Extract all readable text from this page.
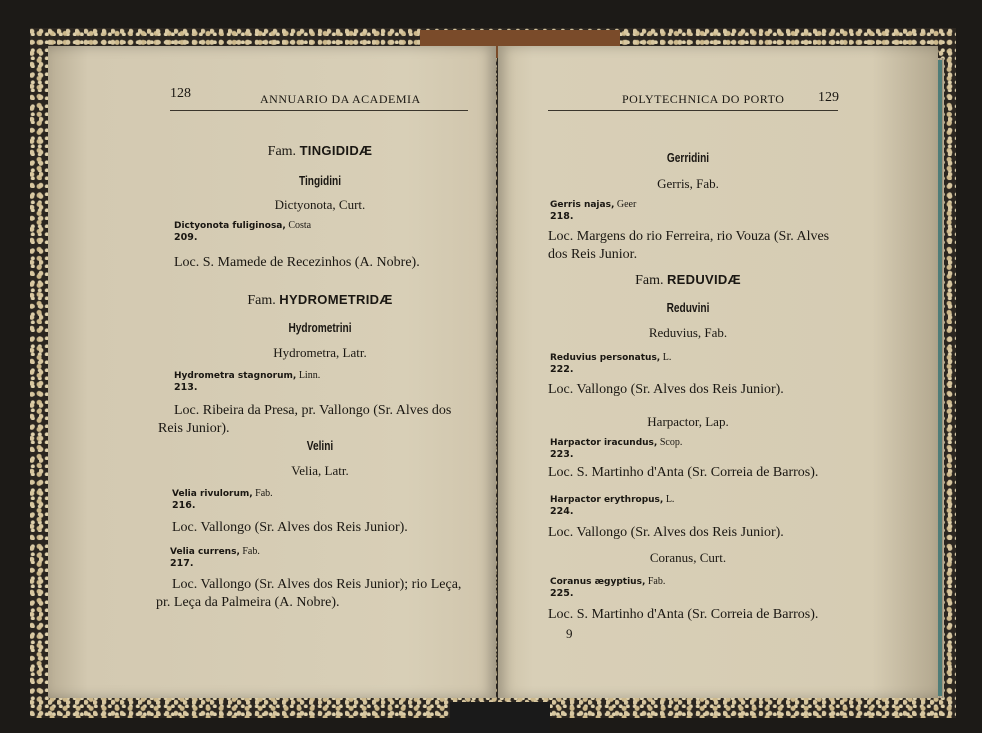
128	ANNUARIO DA ACADEMIA
Fam. TINGIDIDÆ
Tingidini
Dictyonota, Curt.
Dictyonota fuliginosa, Costa
209.
Loc. S. Mamede de Recezinhos (A. Nobre).
Fam. HYDROMETRIDÆ
Hydrometrini
Hydrometra, Latr.
Hydrometra stagnorum, Linn.
213.
Loc. Ribeira da Presa, pr. Vallongo (Sr. Alves dos Reis Junior).
Velini
Velia, Latr.
Velia rivulorum, Fab.
216.
Loc. Vallongo (Sr. Alves dos Reis Junior).
Velia currens, Fab.
217.
Loc. Vallongo (Sr. Alves dos Reis Junior); rio Leça, pr. Leça da Palmeira (A. Nobre).
POLYTECHNICA DO PORTO 129
Gerridini
Gerris, Fab.
Gerris najas, Geer
218.
Loc. Margens do rio Ferreira, rio Vouza (Sr. Alves dos Reis Junior.
Fam. REDUVIDÆ
Reduvini
Reduvius, Fab.
Reduvius personatus, L.
222.
Loc. Vallongo (Sr. Alves dos Reis Junior).
Harpactor, Lap.
Harpactor iracundus, Scop.
223.
Loc. S. Martinho d'Anta (Sr. Correia de Barros).
Harpactor erythropus, L.
224.
Loc. Vallongo (Sr. Alves dos Reis Junior).
Coranus, Curt.
Coranus ægyptius, Fab.
225.
Loc. S. Martinho d'Anta (Sr. Correia de Barros).
9
